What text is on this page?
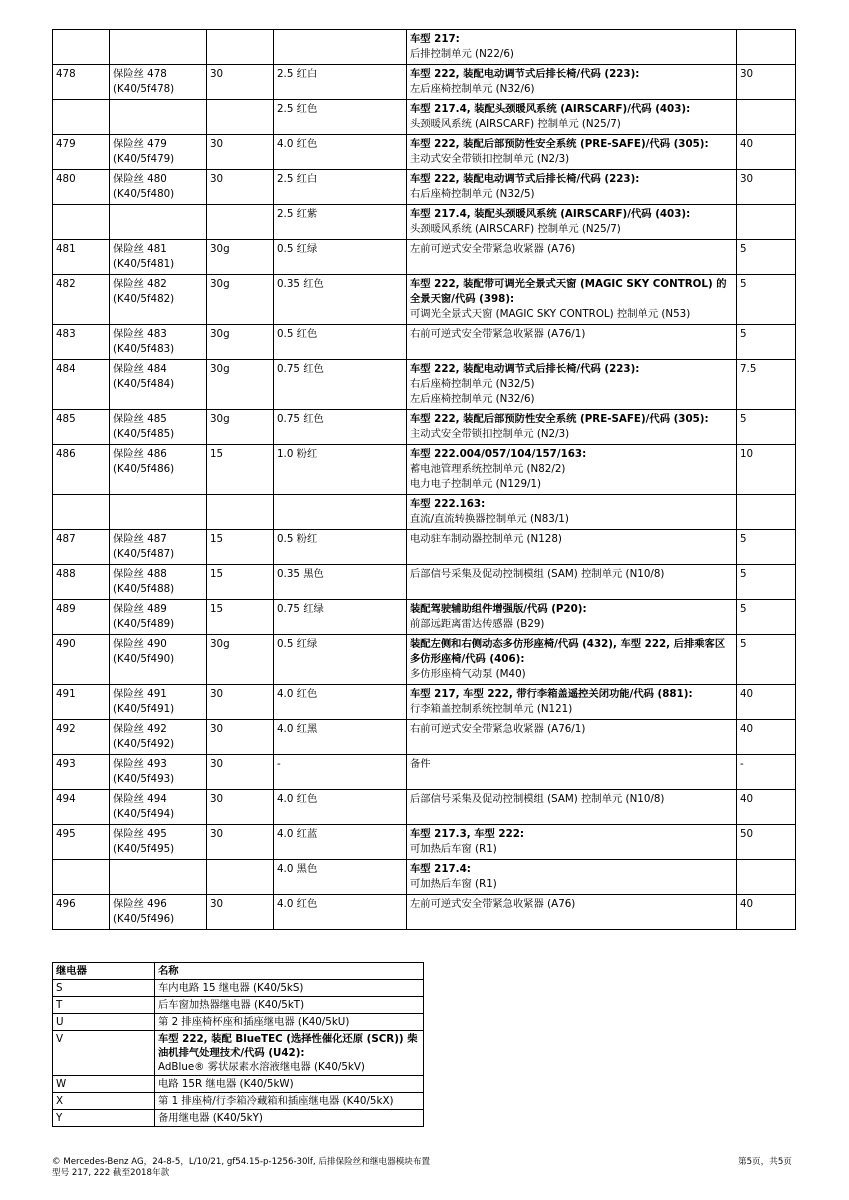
				车型 217:
后排控制单元 (N22/6)	

478	保险丝 478
(K40/5f478)	30	2.5 红白	车型 222, 装配电动调节式后排长椅/代码 (223):
左后座椅控制单元 (N32/6)	30

		2.5 红色	车型 217.4, 装配头颈暖风系统 (AIRSCARF)/代码 (403):
头颈暖风系统 (AIRSCARF) 控制单元 (N25/7)	

479	保险丝 479
(K40/5f479)	30	4.0 红色	车型 222, 装配后部预防性安全系统 (PRE-SAFE)/代码 (305):
主动式安全带锁扣控制单元 (N2/3)	40
480	保险丝 480
(K40/5f480)	30	2.5 红白	车型 222, 装配电动调节式后排长椅/代码 (223):
右后座椅控制单元 (N32/5)	30

		2.5 红紫	车型 217.4, 装配头颈暖风系统 (AIRSCARF)/代码 (403):
头颈暖风系统 (AIRSCARF) 控制单元 (N25/7)	

481	保险丝 481
(K40/5f481)	30g	0.5 红绿	左前可逆式安全带紧急收紧器 (A76)	5
482	保险丝 482
(K40/5f482)	30g	0.35 红色	车型 222, 装配带可调光全景式天窗 (MAGIC SKY CONTROL) 的全景天窗/代码 (398):
可调光全景式天窗 (MAGIC SKY CONTROL) 控制单元 (N53)	5
483	保险丝 483
(K40/5f483)	30g	0.5 红色	右前可逆式安全带紧急收紧器 (A76/1)	5
484	保险丝 484
(K40/5f484)	30g	0.75 红色	车型 222, 装配电动调节式后排长椅/代码 (223):
右后座椅控制单元 (N32/5)
左后座椅控制单元 (N32/6)	7.5
485	保险丝 485
(K40/5f485)	30g	0.75 红色	车型 222, 装配后部预防性安全系统 (PRE-SAFE)/代码 (305):
主动式安全带锁扣控制单元 (N2/3)	5
486	保险丝 486
(K40/5f486)	15	1.0 粉红	车型 222.004/057/104/157/163:
蓄电池管理系统控制单元 (N82/2)
电力电子控制单元 (N129/1)	10

				车型 222.163:
直流/直流转换器控制单元 (N83/1)	

487	保险丝 487
(K40/5f487)	15	0.5 粉红	电动驻车制动器控制单元 (N128)	5
488	保险丝 488
(K40/5f488)	15	0.35 黑色	后部信号采集及促动控制模组 (SAM) 控制单元 (N10/8)	5
489	保险丝 489
(K40/5f489)	15	0.75 红绿	装配驾驶辅助组件增强版/代码 (P20):
前部远距离雷达传感器 (B29)	5
490	保险丝 490
(K40/5f490)	30g	0.5 红绿	装配左侧和右侧动态多仿形座椅/代码 (432), 车型 222, 后排乘客区多仿形座椅/代码 (406):
多仿形座椅气动泵 (M40)	5
491	保险丝 491
(K40/5f491)	30	4.0 红色	车型 217, 车型 222, 带行李箱盖遥控关闭功能/代码 (881):
行李箱盖控制系统控制单元 (N121)	40
492	保险丝 492
(K40/5f492)	30	4.0 红黑	右前可逆式安全带紧急收紧器 (A76/1)	40
493	保险丝 493
(K40/5f493)	30	-	备件	-
494	保险丝 494
(K40/5f494)	30	4.0 红色	后部信号采集及促动控制模组 (SAM) 控制单元 (N10/8)	40
495	保险丝 495
(K40/5f495)	30	4.0 红蓝	车型 217.3, 车型 222:
可加热后车窗 (R1)	50

		4.0 黑色	车型 217.4:
可加热后车窗 (R1)	

496	保险丝 496
(K40/5f496)	30	4.0 红色	左前可逆式安全带紧急收紧器 (A76)	40
继电器	名称
S	车内电路 15 继电器 (K40/5kS)

T	后车窗加热器继电器 (K40/5kT)

U	第 2 排座椅杯座和插座继电器 (K40/5kU)

V	车型 222, 装配 BlueTEC (选择性催化还原 (SCR)) 柴油机排气处理技术/代码 (U42):
AdBlue® 雾状尿素水溶液继电器 (K40/5kV)

W	电路 15R 继电器 (K40/5kW)

X	第 1 排座椅/行李箱冷藏箱和插座继电器 (K40/5kX)

Y	备用继电器 (K40/5kY)
© Mercedes-Benz AG，24-8-5，L/10/21, gf54.15-p-1256-30lf, 后排保险丝和继电器模块布置
型号 217, 222 截至2018年款
第5页，共5页
